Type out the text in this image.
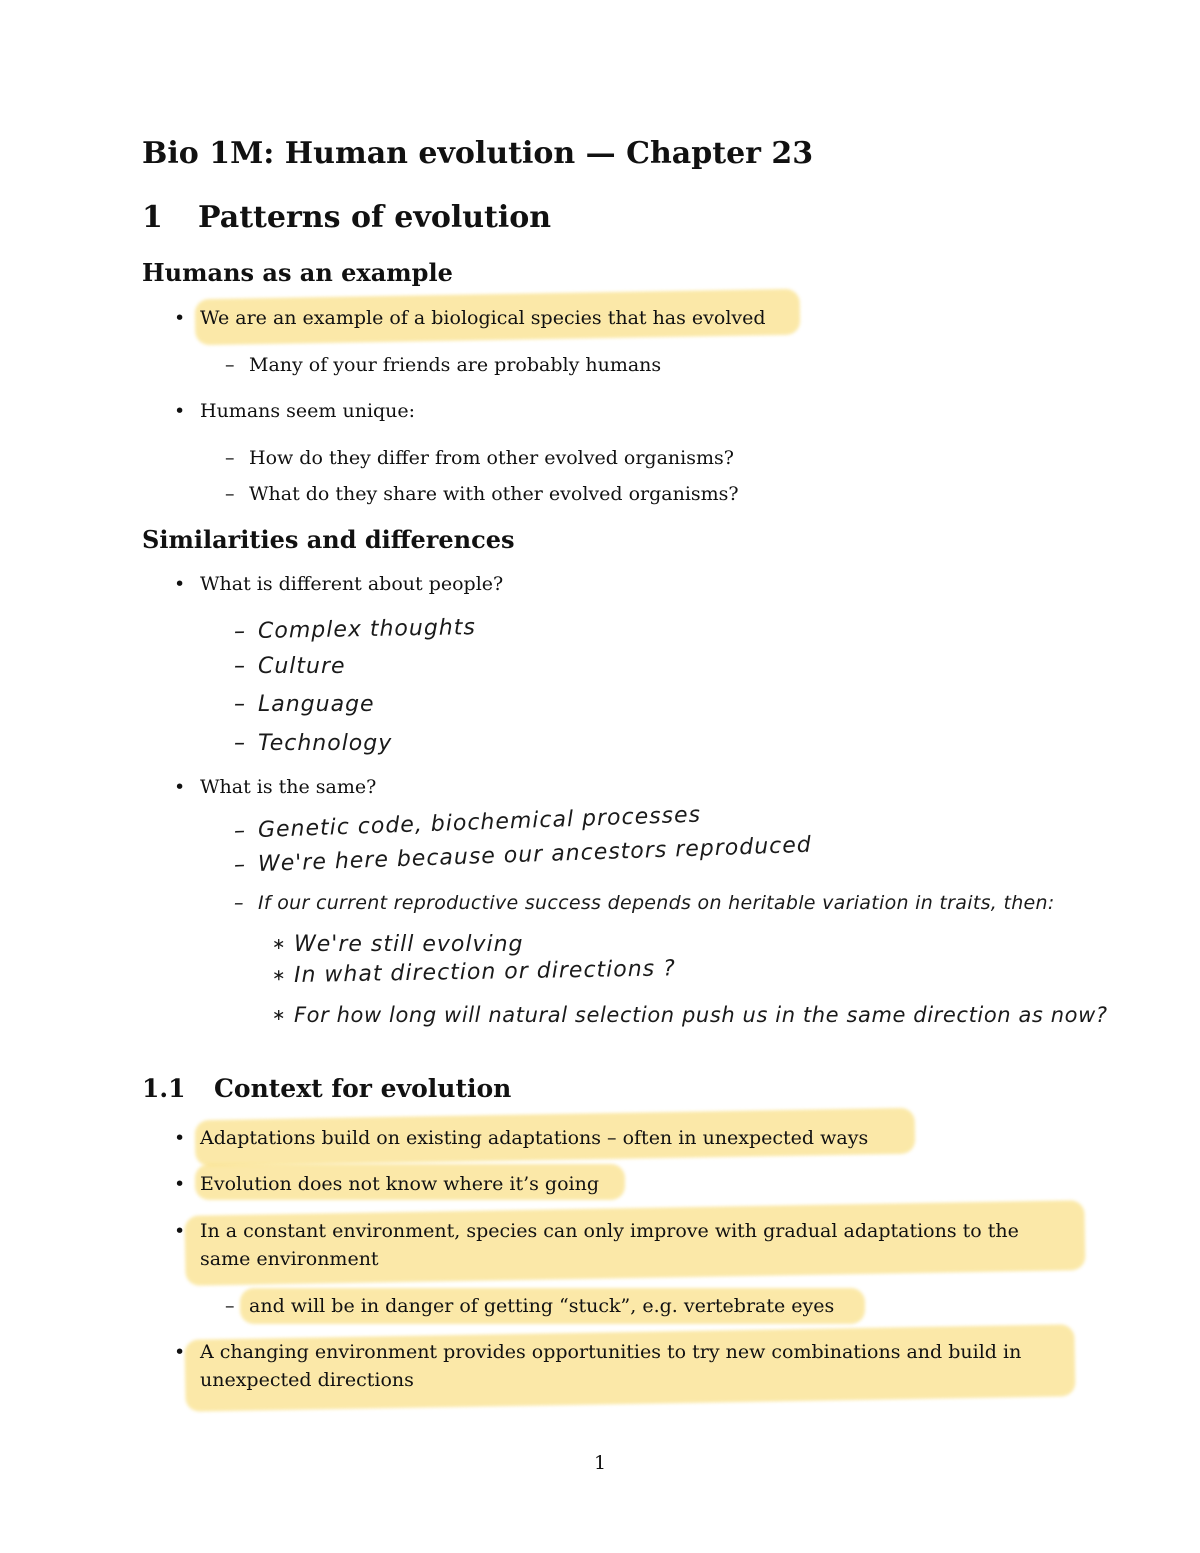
Bio 1M: Human evolution — Chapter 23
1 Patterns of evolution
Humans as an example
• We are an example of a biological species that has evolved
– Many of your friends are probably humans
• Humans seem unique:
– How do they differ from other evolved organisms?
– What do they share with other evolved organisms?
Similarities and differences
• What is different about people?
– Complex thoughts
– Culture
– Language
– Technology
• What is the same?
– Genetic code, biochemical processes
– We're here because our ancestors reproduced
– If our current reproductive success depends on heritable variation in traits, then:
∗ We're still evolving
∗ In what direction or directions ?
∗ For how long will natural selection push us in the same direction as now?
1.1 Context for evolution
• Adaptations build on existing adaptations – often in unexpected ways
• Evolution does not know where it’s going
• In a constant environment, species can only improve with gradual adaptations to the
same environment
– and will be in danger of getting “stuck”, e.g. vertebrate eyes
• A changing environment provides opportunities to try new combinations and build in
unexpected directions
1
